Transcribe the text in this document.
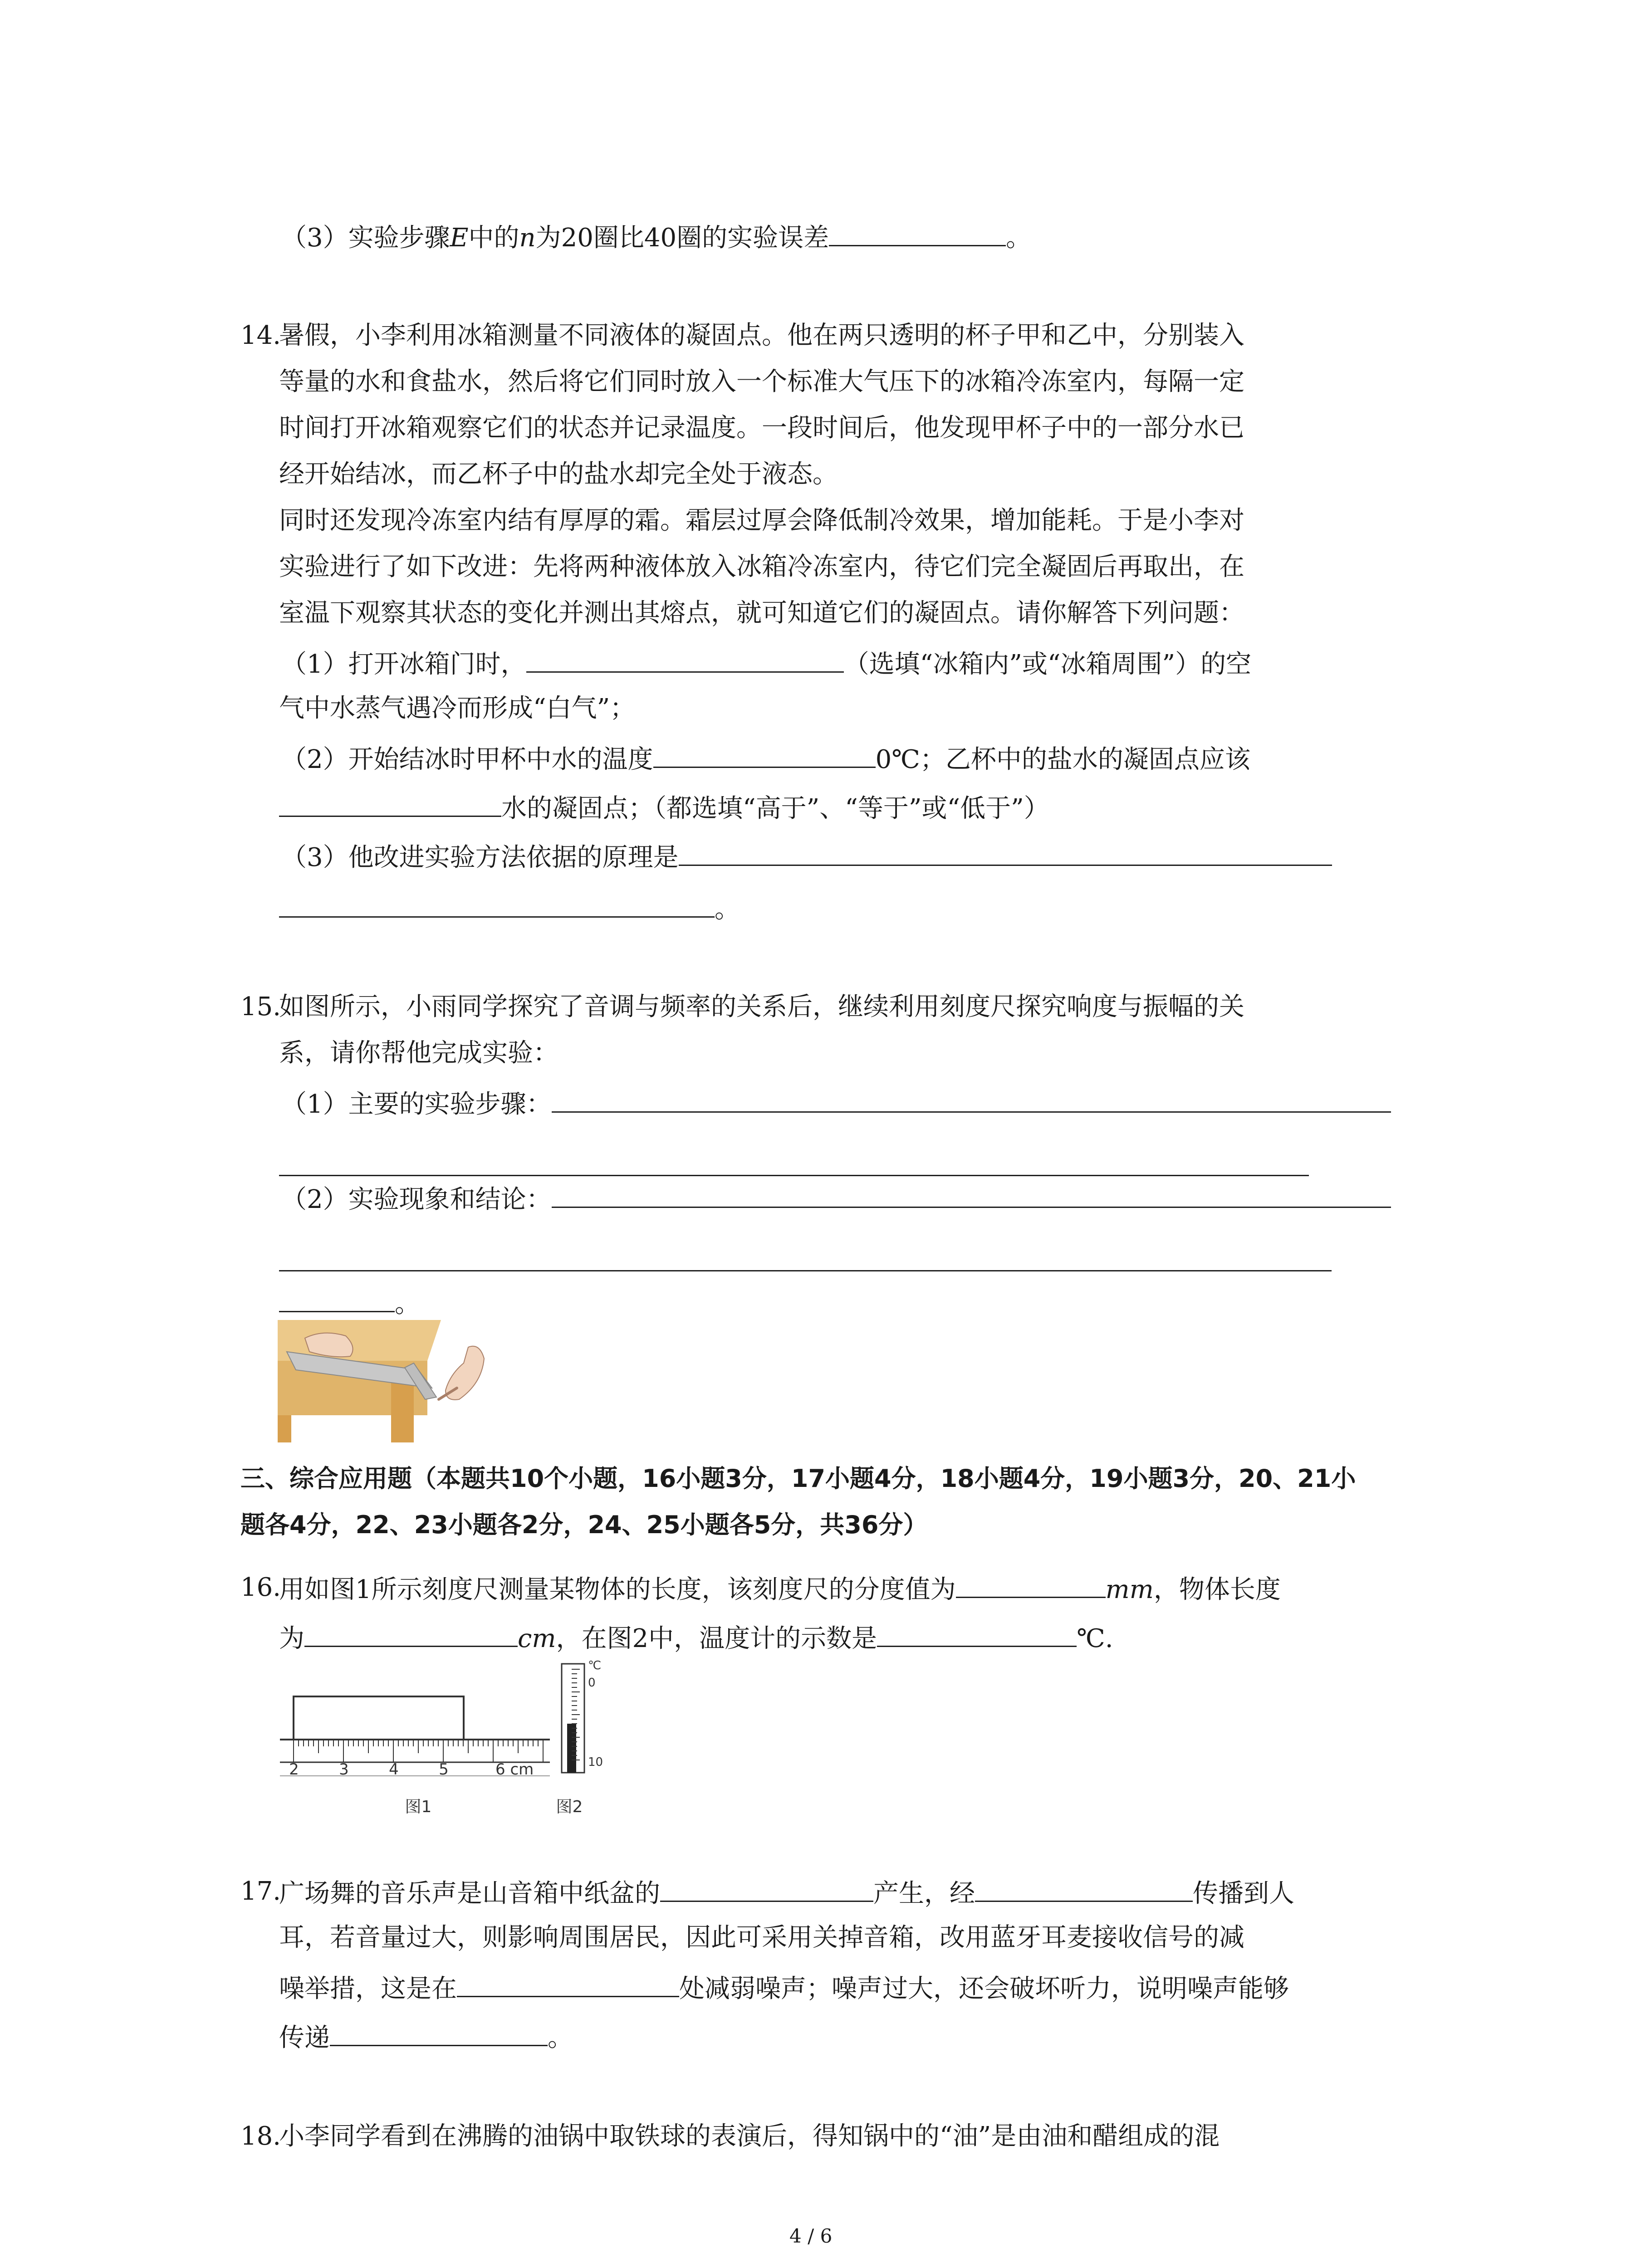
（3）实验步骤E中的n为20圈比40圈的实验误差	。
14.
暑假，小李利用冰箱测量不同液体的凝固点。他在两只透明的杯子甲和乙中，分别装入
等量的水和食盐水，然后将它们同时放入一个标准大气压下的冰箱冷冻室内，每隔一定
时间打开冰箱观察它们的状态并记录温度。一段时间后，他发现甲杯子中的一部分水已
经开始结冰，而乙杯子中的盐水却完全处于液态。
同时还发现冷冻室内结有厚厚的霜。霜层过厚会降低制冷效果，增加能耗。于是小李对
实验进行了如下改进：先将两种液体放入冰箱冷冻室内，待它们完全凝固后再取出，在
室温下观察其状态的变化并测出其熔点，就可知道它们的凝固点。请你解答下列问题：
（1）打开冰箱门时，	（选填“冰箱内”或“冰箱周围”）的空
气中水蒸气遇冷而形成“白气”；
（2）开始结冰时甲杯中水的温度	0℃；乙杯中的盐水的凝固点应该
水的凝固点；（都选填“高于”、“等于”或“低于”）
（3）他改进实验方法依据的原理是
。
15.
如图所示，小雨同学探究了音调与频率的关系后，继续利用刻度尺探究响度与振幅的关
系，请你帮他完成实验：
（1）主要的实验步骤：
（2）实验现象和结论：
。
三、综合应用题（本题共10个小题，16小题3分，17小题4分，18小题4分，19小题3分，20、21小
题各4分，22、23小题各2分，24、25小题各5分，共36分）
16.
用如图1所示刻度尺测量某物体的长度，该刻度尺的分度值为	mm，物体长度
为	cm，在图2中，温度计的示数是	℃.
2	3	4	5	6 cm
图1
℃
0
10
图2
17.
广场舞的音乐声是山音箱中纸盆的	产生，经	传播到人
耳，若音量过大，则影响周围居民，因此可采用关掉音箱，改用蓝牙耳麦接收信号的减
噪举措，这是在	处减弱噪声；噪声过大，还会破坏听力，说明噪声能够
传递	。
18.
小李同学看到在沸腾的油锅中取铁球的表演后，得知锅中的“油”是由油和醋组成的混
4 / 6
